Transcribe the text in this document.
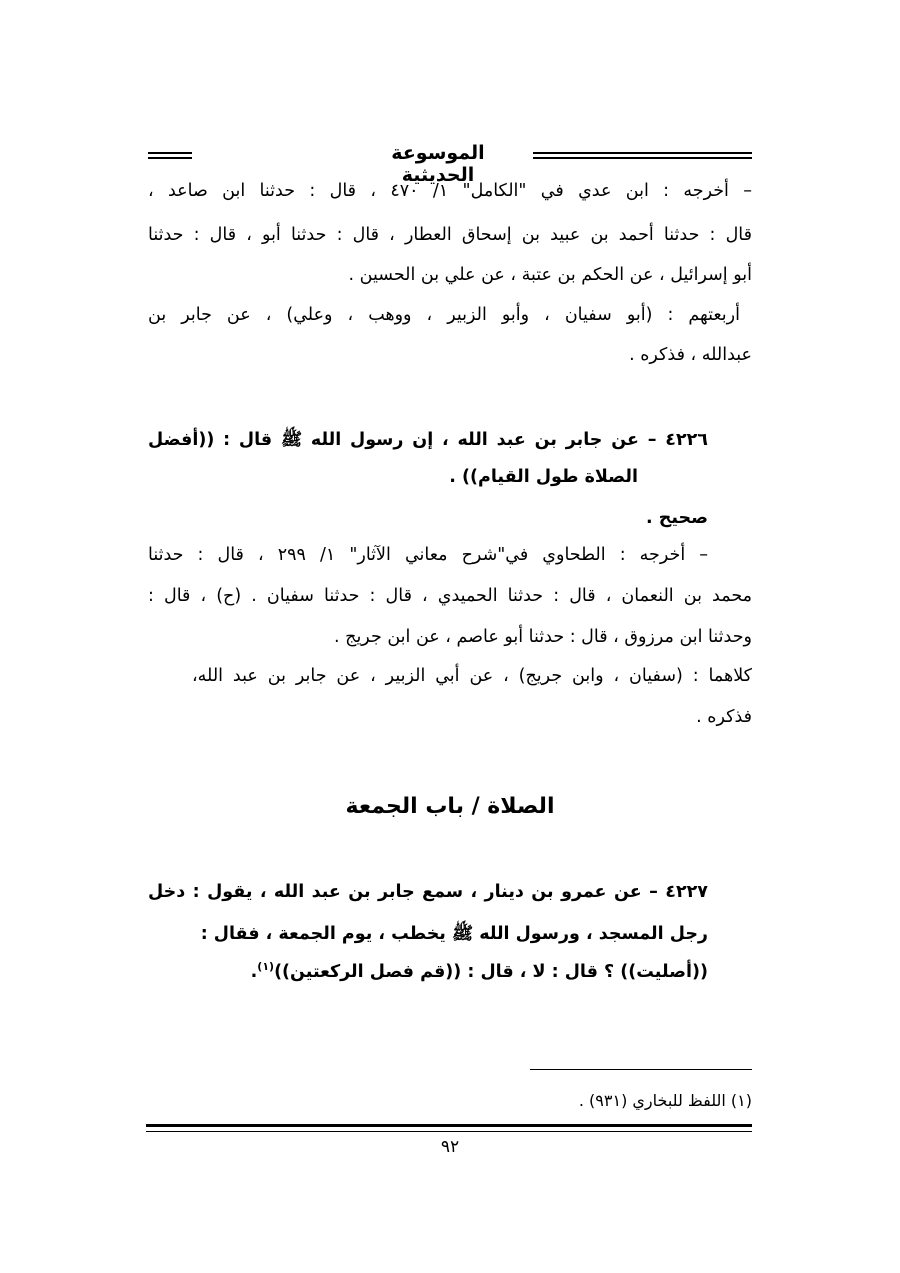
الموسوعة الحديثية
– أخرجه : ابن عدي في "الكامل" ١/ ٤٧٠ ، قال : حدثنا ابن صاعد ،
قال : حدثنا أحمد بن عبيد بن إسحاق العطار ، قال : حدثنا أبو ، قال : حدثنا
أبو إسرائيل ، عن الحكم بن عتبة ، عن علي بن الحسين .
أربعتهم : (أبو سفيان ، وأبو الزبير ، ووهب ، وعلي) ، عن جابر بن
عبدالله ، فذكره .
٤٢٢٦ – عن جابر بن عبد الله ، إن رسول الله ﷺ قال : ((أفضل
الصلاة طول القيام)) .
صحيح .
– أخرجه : الطحاوي في"شرح معاني الآثار" ١/ ٢٩٩ ، قال : حدثنا
محمد بن النعمان ، قال : حدثنا الحميدي ، قال : حدثنا سفيان . (ح) ، قال :
وحدثنا ابن مرزوق ، قال : حدثنا أبو عاصم ، عن ابن جريج .
كلاهما : (سفيان ، وابن جريج) ، عن أبي الزبير ، عن جابر بن عبد الله،
فذكره .
الصلاة / باب الجمعة
٤٢٢٧ – عن عمرو بن دينار ، سمع جابر بن عبد الله ، يقول : دخل
رجل المسجد ، ورسول الله ﷺ يخطب ، يوم الجمعة ، فقال :
((أصليت)) ؟ قال : لا ، قال : ((قم فصل الركعتين))$^{(١)}$.
(١) اللفظ للبخاري (٩٣١) .
٩٢
